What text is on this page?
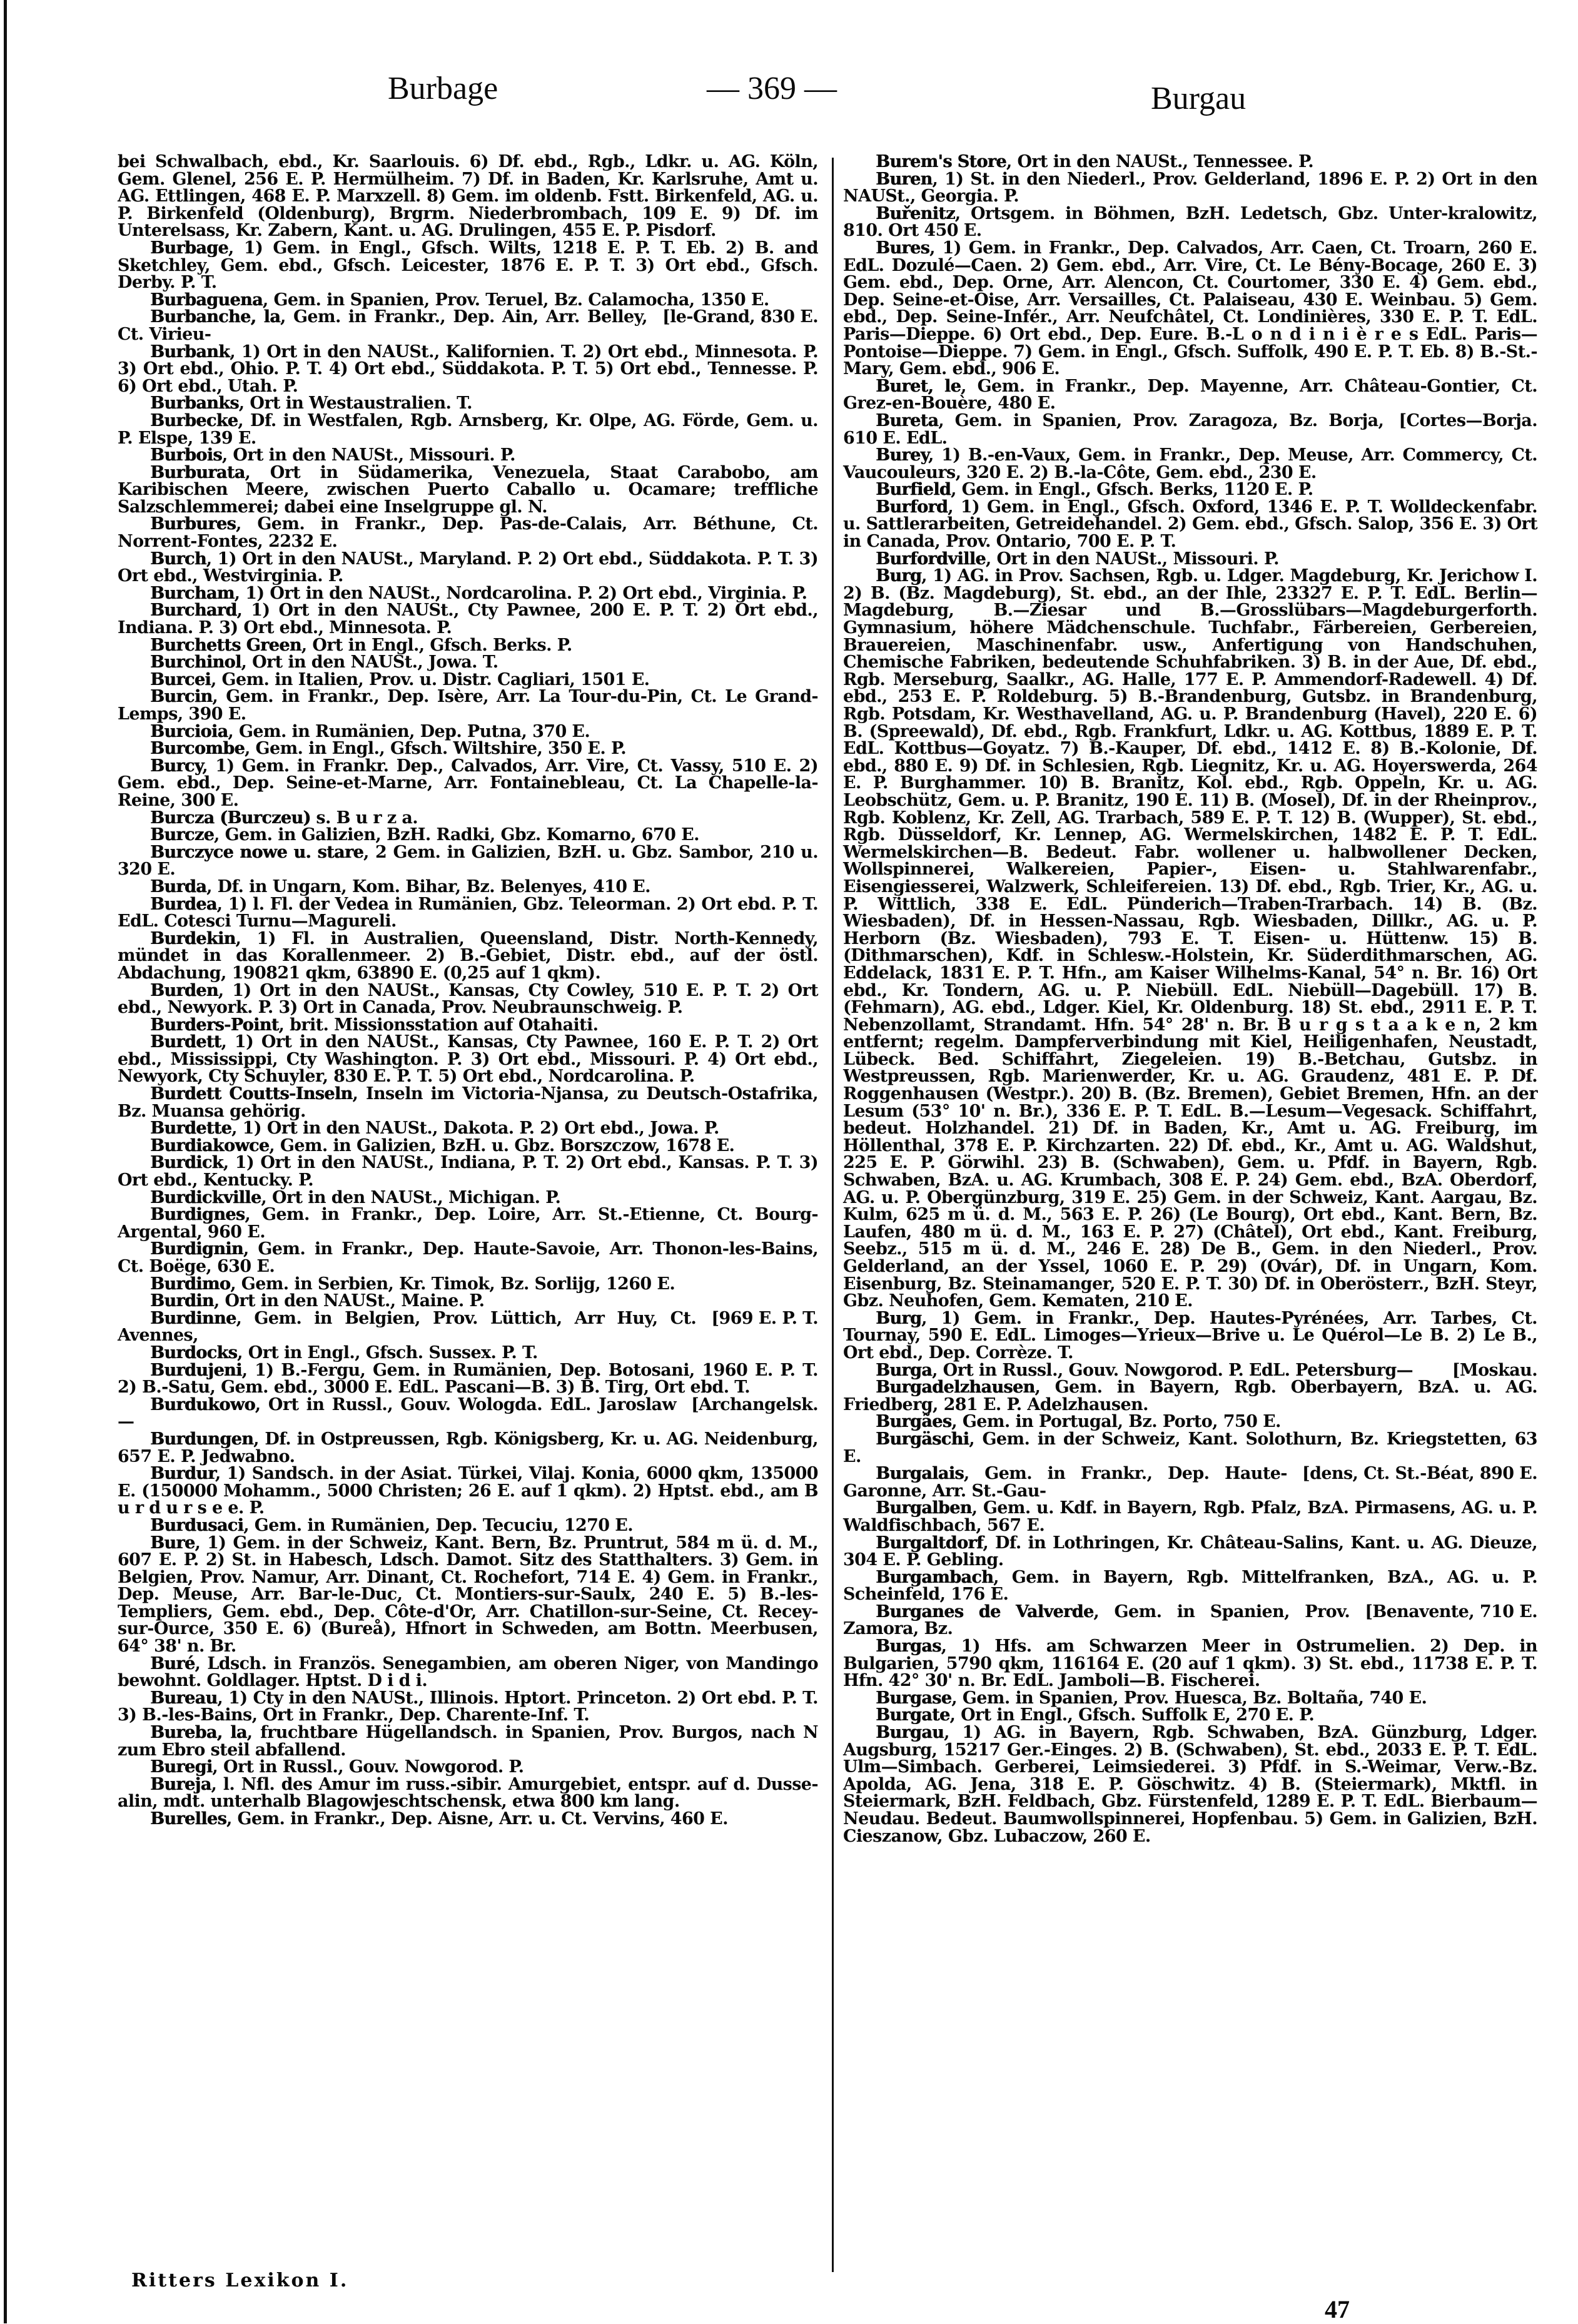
Burbage	— 369 —	Burgau

bei Schwalbach, ebd., Kr. Saarlouis. 6) Df. ebd., Rgb., Ldkr. u. AG. Köln, Gem. Glenel, 256 E. P. Hermülheim. 7) Df. in Baden, Kr. Karlsruhe, Amt u. AG. Ettlingen, 468 E. P. Marxzell. 8) Gem. im oldenb. Fstt. Birkenfeld, AG. u. P. Birkenfeld (Oldenburg), Brgrm. Niederbrombach, 109 E. 9) Df. im Unterelsass, Kr. Zabern, Kant. u. AG. Drulingen, 455 E. P. Pisdorf.

Burbage, 1) Gem. in Engl., Gfsch. Wilts, 1218 E. P. T. Eb. 2) B. and Sketchley, Gem. ebd., Gfsch. Leicester, 1876 E. P. T. 3) Ort ebd., Gfsch. Derby. P. T.

Burbaguena, Gem. in Spanien, Prov. Teruel, Bz. Calamocha, 1350 E.

[le-Grand, 830 E.
Burbanche, la, Gem. in Frankr., Dep. Ain, Arr. Belley, Ct. Virieu-

Burbank, 1) Ort in den NAUSt., Kalifornien. T. 2) Ort ebd., Minnesota. P. 3) Ort ebd., Ohio. P. T. 4) Ort ebd., Süddakota. P. T. 5) Ort ebd., Tennesse. P. 6) Ort ebd., Utah. P.

Burbanks, Ort in Westaustralien. T.

Burbecke, Df. in Westfalen, Rgb. Arnsberg, Kr. Olpe, AG. Förde, Gem. u. P. Elspe, 139 E.

Burbois, Ort in den NAUSt., Missouri. P.

Burburata, Ort in Südamerika, Venezuela, Staat Carabobo, am Karibischen Meere, zwischen Puerto Caballo u. Ocamare; treffliche Salzschlemmerei; dabei eine Inselgruppe gl. N.

Burbures, Gem. in Frankr., Dep. Pas-de-Calais, Arr. Béthune, Ct. Norrent-Fontes, 2232 E.

Burch, 1) Ort in den NAUSt., Maryland. P. 2) Ort ebd., Süddakota. P. T. 3) Ort ebd., Westvirginia. P.

Burcham, 1) Ort in den NAUSt., Nordcarolina. P. 2) Ort ebd., Virginia. P.

Burchard, 1) Ort in den NAUSt., Cty Pawnee, 200 E. P. T. 2) Ort ebd., Indiana. P. 3) Ort ebd., Minnesota. P.

Burchetts Green, Ort in Engl., Gfsch. Berks. P.

Burchinol, Ort in den NAUSt., Jowa. T.

Burcei, Gem. in Italien, Prov. u. Distr. Cagliari, 1501 E.

Burcin, Gem. in Frankr., Dep. Isère, Arr. La Tour-du-Pin, Ct. Le Grand-Lemps, 390 E.

Burcioia, Gem. in Rumänien, Dep. Putna, 370 E.

Burcombe, Gem. in Engl., Gfsch. Wiltshire, 350 E. P.

Burcy, 1) Gem. in Frankr. Dep., Calvados, Arr. Vire, Ct. Vassy, 510 E. 2) Gem. ebd., Dep. Seine-et-Marne, Arr. Fontainebleau, Ct. La Chapelle-la-Reine, 300 E.

Burcza (Burczeu) s. B u r z a.

Burcze, Gem. in Galizien, BzH. Radki, Gbz. Komarno, 670 E.

Burczyce nowe u. stare, 2 Gem. in Galizien, BzH. u. Gbz. Sambor, 210 u. 320 E.

Burda, Df. in Ungarn, Kom. Bihar, Bz. Belenyes, 410 E.

Burdea, 1) l. Fl. der Vedea in Rumänien, Gbz. Teleorman. 2) Ort ebd. P. T. EdL. Cotesci Turnu—Magureli.

Burdekin, 1) Fl. in Australien, Queensland, Distr. North-Kennedy, mündet in das Korallenmeer. 2) B.-Gebiet, Distr. ebd., auf der östl. Abdachung, 190821 qkm, 63890 E. (0,25 auf 1 qkm).

Burden, 1) Ort in den NAUSt., Kansas, Cty Cowley, 510 E. P. T. 2) Ort ebd., Newyork. P. 3) Ort in Canada, Prov. Neubraunschweig. P.

Burders-Point, brit. Missionsstation auf Otahaiti.

Burdett, 1) Ort in den NAUSt., Kansas, Cty Pawnee, 160 E. P. T. 2) Ort ebd., Mississippi, Cty Washington. P. 3) Ort ebd., Missouri. P. 4) Ort ebd., Newyork, Cty Schuyler, 830 E. P. T. 5) Ort ebd., Nordcarolina. P.

Burdett Coutts-Inseln, Inseln im Victoria-Njansa, zu Deutsch-Ostafrika, Bz. Muansa gehörig.

Burdette, 1) Ort in den NAUSt., Dakota. P. 2) Ort ebd., Jowa. P.

Burdiakowce, Gem. in Galizien, BzH. u. Gbz. Borszczow, 1678 E.

Burdick, 1) Ort in den NAUSt., Indiana, P. T. 2) Ort ebd., Kansas. P. T. 3) Ort ebd., Kentucky. P.

Burdickville, Ort in den NAUSt., Michigan. P.

Burdignes, Gem. in Frankr., Dep. Loire, Arr. St.-Etienne, Ct. Bourg-Argental, 960 E.

Burdignin, Gem. in Frankr., Dep. Haute-Savoie, Arr. Thonon-les-Bains, Ct. Boëge, 630 E.

Burdimo, Gem. in Serbien, Kr. Timok, Bz. Sorlijg, 1260 E.

Burdin, Ort in den NAUSt., Maine. P.

[969 E. P. T.
Burdinne, Gem. in Belgien, Prov. Lüttich, Arr Huy, Ct. Avennes,

Burdocks, Ort in Engl., Gfsch. Sussex. P. T.

Burdujeni, 1) B.-Fergu, Gem. in Rumänien, Dep. Botosani, 1960 E. P. T. 2) B.-Satu, Gem. ebd., 3000 E. EdL. Pascani—B. 3) B. Tirg, Ort ebd. T.

[Archangelsk.
Burdukowo, Ort in Russl., Gouv. Wologda. EdL. Jaroslaw—

Burdungen, Df. in Ostpreussen, Rgb. Königsberg, Kr. u. AG. Neidenburg, 657 E. P. Jedwabno.

Burdur, 1) Sandsch. in der Asiat. Türkei, Vilaj. Konia, 6000 qkm, 135000 E. (150000 Mohamm., 5000 Christen; 26 E. auf 1 qkm). 2) Hptst. ebd., am B u r d u r s e e. P.

Burdusaci, Gem. in Rumänien, Dep. Tecuciu, 1270 E.

Bure, 1) Gem. in der Schweiz, Kant. Bern, Bz. Pruntrut, 584 m ü. d. M., 607 E. P. 2) St. in Habesch, Ldsch. Damot. Sitz des Statthalters. 3) Gem. in Belgien, Prov. Namur, Arr. Dinant, Ct. Rochefort, 714 E. 4) Gem. in Frankr., Dep. Meuse, Arr. Bar-le-Duc, Ct. Montiers-sur-Saulx, 240 E. 5) B.-les-Templiers, Gem. ebd., Dep. Côte-d'Or, Arr. Chatillon-sur-Seine, Ct. Recey-sur-Ource, 350 E. 6) (Bureå), Hfnort in Schweden, am Bottn. Meerbusen, 64° 38' n. Br.

Buré, Ldsch. in Französ. Senegambien, am oberen Niger, von Mandingo bewohnt. Goldlager. Hptst. D i d i.

Bureau, 1) Cty in den NAUSt., Illinois. Hptort. Princeton. 2) Ort ebd. P. T. 3) B.-les-Bains, Ort in Frankr., Dep. Charente-Inf. T.

Bureba, la, fruchtbare Hügellandsch. in Spanien, Prov. Burgos, nach N zum Ebro steil abfallend.

Buregi, Ort in Russl., Gouv. Nowgorod. P.

Bureja, l. Nfl. des Amur im russ.-sibir. Amurgebiet, entspr. auf d. Dusse-alin, mdt. unterhalb Blagowjeschtschensk, etwa 800 km lang.

Burelles, Gem. in Frankr., Dep. Aisne, Arr. u. Ct. Vervins, 460 E.

Burem's Store, Ort in den NAUSt., Tennessee. P.

Buren, 1) St. in den Niederl., Prov. Gelderland, 1896 E. P. 2) Ort in den NAUSt., Georgia. P.

Buřenitz, Ortsgem. in Böhmen, BzH. Ledetsch, Gbz. Unter-kralowitz, 810. Ort 450 E.

Bures, 1) Gem. in Frankr., Dep. Calvados, Arr. Caen, Ct. Troarn, 260 E. EdL. Dozulé—Caen. 2) Gem. ebd., Arr. Vire, Ct. Le Bény-Bocage, 260 E. 3) Gem. ebd., Dep. Orne, Arr. Alencon, Ct. Courtomer, 330 E. 4) Gem. ebd., Dep. Seine-et-Oise, Arr. Versailles, Ct. Palaiseau, 430 E. Weinbau. 5) Gem. ebd., Dep. Seine-Infér., Arr. Neufchâtel, Ct. Londinières, 330 E. P. T. EdL. Paris—Dieppe. 6) Ort ebd., Dep. Eure. B.-L o n d i n i è r e s EdL. Paris—Pontoise—Dieppe. 7) Gem. in Engl., Gfsch. Suffolk, 490 E. P. T. Eb. 8) B.-St.-Mary, Gem. ebd., 906 E.

Buret, le, Gem. in Frankr., Dep. Mayenne, Arr. Château-Gontier, Ct. Grez-en-Bouère, 480 E.

[Cortes—Borja.
Bureta, Gem. in Spanien, Prov. Zaragoza, Bz. Borja, 610 E. EdL.

Burey, 1) B.-en-Vaux, Gem. in Frankr., Dep. Meuse, Arr. Commercy, Ct. Vaucouleurs, 320 E. 2) B.-la-Côte, Gem. ebd., 230 E.

Burfield, Gem. in Engl., Gfsch. Berks, 1120 E. P.

Burford, 1) Gem. in Engl., Gfsch. Oxford, 1346 E. P. T. Wolldeckenfabr. u. Sattlerarbeiten, Getreidehandel. 2) Gem. ebd., Gfsch. Salop, 356 E. 3) Ort in Canada, Prov. Ontario, 700 E. P. T.

Burfordville, Ort in den NAUSt., Missouri. P.

Burg, 1) AG. in Prov. Sachsen, Rgb. u. Ldger. Magdeburg, Kr. Jerichow I. 2) B. (Bz. Magdeburg), St. ebd., an der Ihle, 23327 E. P. T. EdL. Berlin—Magdeburg, B.—Ziesar und B.—Grosslübars—Magdeburgerforth. Gymnasium, höhere Mädchenschule. Tuchfabr., Färbereien, Gerbereien, Brauereien, Maschinenfabr. usw., Anfertigung von Handschuhen, Chemische Fabriken, bedeutende Schuhfabriken. 3) B. in der Aue, Df. ebd., Rgb. Merseburg, Saalkr., AG. Halle, 177 E. P. Ammendorf-Radewell. 4) Df. ebd., 253 E. P. Roldeburg. 5) B.-Brandenburg, Gutsbz. in Brandenburg, Rgb. Potsdam, Kr. Westhavelland, AG. u. P. Brandenburg (Havel), 220 E. 6) B. (Spreewald), Df. ebd., Rgb. Frankfurt, Ldkr. u. AG. Kottbus, 1889 E. P. T. EdL. Kottbus—Goyatz. 7) B.-Kauper, Df. ebd., 1412 E. 8) B.-Kolonie, Df. ebd., 880 E. 9) Df. in Schlesien, Rgb. Liegnitz, Kr. u. AG. Hoyerswerda, 264 E. P. Burghammer. 10) B. Branitz, Kol. ebd., Rgb. Oppeln, Kr. u. AG. Leobschütz, Gem. u. P. Branitz, 190 E. 11) B. (Mosel), Df. in der Rheinprov., Rgb. Koblenz, Kr. Zell, AG. Trarbach, 589 E. P. T. 12) B. (Wupper), St. ebd., Rgb. Düsseldorf, Kr. Lennep, AG. Wermelskirchen, 1482 E. P. T. EdL. Wermelskirchen—B. Bedeut. Fabr. wollener u. halbwollener Decken, Wollspinnerei, Walkereien, Papier-, Eisen- u. Stahlwarenfabr., Eisengiesserei, Walzwerk, Schleifereien. 13) Df. ebd., Rgb. Trier, Kr., AG. u. P. Wittlich, 338 E. EdL. Pünderich—Traben-Trarbach. 14) B. (Bz. Wiesbaden), Df. in Hessen-Nassau, Rgb. Wiesbaden, Dillkr., AG. u. P. Herborn (Bz. Wiesbaden), 793 E. T. Eisen- u. Hüttenw. 15) B. (Dithmarschen), Kdf. in Schlesw.-Holstein, Kr. Süderdithmarschen, AG. Eddelack, 1831 E. P. T. Hfn., am Kaiser Wilhelms-Kanal, 54° n. Br. 16) Ort ebd., Kr. Tondern, AG. u. P. Niebüll. EdL. Niebüll—Dagebüll. 17) B. (Fehmarn), AG. ebd., Ldger. Kiel, Kr. Oldenburg. 18) St. ebd., 2911 E. P. T. Nebenzollamt, Strandamt. Hfn. 54° 28' n. Br. B u r g s t a a k e n, 2 km entfernt; regelm. Dampferverbindung mit Kiel, Heiligenhafen, Neustadt, Lübeck. Bed. Schiffahrt, Ziegeleien. 19) B.-Betchau, Gutsbz. in Westpreussen, Rgb. Marienwerder, Kr. u. AG. Graudenz, 481 E. P. Df. Roggenhausen (Westpr.). 20) B. (Bz. Bremen), Gebiet Bremen, Hfn. an der Lesum (53° 10' n. Br.), 336 E. P. T. EdL. B.—Lesum—Vegesack. Schiffahrt, bedeut. Holzhandel. 21) Df. in Baden, Kr., Amt u. AG. Freiburg, im Höllenthal, 378 E. P. Kirchzarten. 22) Df. ebd., Kr., Amt u. AG. Waldshut, 225 E. P. Görwihl. 23) B. (Schwaben), Gem. u. Pfdf. in Bayern, Rgb. Schwaben, BzA. u. AG. Krumbach, 308 E. P. 24) Gem. ebd., BzA. Oberdorf, AG. u. P. Obergünzburg, 319 E. 25) Gem. in der Schweiz, Kant. Aargau, Bz. Kulm, 625 m ü. d. M., 563 E. P. 26) (Le Bourg), Ort ebd., Kant. Bern, Bz. Laufen, 480 m ü. d. M., 163 E. P. 27) (Châtel), Ort ebd., Kant. Freiburg, Seebz., 515 m ü. d. M., 246 E. 28) De B., Gem. in den Niederl., Prov. Gelderland, an der Yssel, 1060 E. P. 29) (Ovár), Df. in Ungarn, Kom. Eisenburg, Bz. Steinamanger, 520 E. P. T. 30) Df. in Oberösterr., BzH. Steyr, Gbz. Neuhofen, Gem. Kematen, 210 E.

Burg, 1) Gem. in Frankr., Dep. Hautes-Pyrénées, Arr. Tarbes, Ct. Tournay, 590 E. EdL. Limoges—Yrieux—Brive u. Le Quérol—Le B. 2) Le B., Ort ebd., Dep. Corrèze. T.

[Moskau.
Burga, Ort in Russl., Gouv. Nowgorod. P. EdL. Petersburg—

Burgadelzhausen, Gem. in Bayern, Rgb. Oberbayern, BzA. u. AG. Friedberg, 281 E. P. Adelzhausen.

Burgães, Gem. in Portugal, Bz. Porto, 750 E.

Burgäschi, Gem. in der Schweiz, Kant. Solothurn, Bz. Kriegstetten, 63 E.

[dens, Ct. St.-Béat, 890 E.
Burgalais, Gem. in Frankr., Dep. Haute-Garonne, Arr. St.-Gau-

Burgalben, Gem. u. Kdf. in Bayern, Rgb. Pfalz, BzA. Pirmasens, AG. u. P. Waldfischbach, 567 E.

Burgaltdorf, Df. in Lothringen, Kr. Château-Salins, Kant. u. AG. Dieuze, 304 E. P. Gebling.

Burgambach, Gem. in Bayern, Rgb. Mittelfranken, BzA., AG. u. P. Scheinfeld, 176 E.

[Benavente, 710 E.
Burganes de Valverde, Gem. in Spanien, Prov. Zamora, Bz.

Burgas, 1) Hfs. am Schwarzen Meer in Ostrumelien. 2) Dep. in Bulgarien, 5790 qkm, 116164 E. (20 auf 1 qkm). 3) St. ebd., 11738 E. P. T. Hfn. 42° 30' n. Br. EdL. Jamboli—B. Fischerei.

Burgase, Gem. in Spanien, Prov. Huesca, Bz. Boltaña, 740 E.

Burgate, Ort in Engl., Gfsch. Suffolk E, 270 E. P.

Burgau, 1) AG. in Bayern, Rgb. Schwaben, BzA. Günzburg, Ldger. Augsburg, 15217 Ger.-Einges. 2) B. (Schwaben), St. ebd., 2033 E. P. T. EdL. Ulm—Simbach. Gerberei, Leimsiederei. 3) Pfdf. in S.-Weimar, Verw.-Bz. Apolda, AG. Jena, 318 E. P. Göschwitz. 4) B. (Steiermark), Mktfl. in Steiermark, BzH. Feldbach, Gbz. Fürstenfeld, 1289 E. P. T. EdL. Bierbaum—Neudau. Bedeut. Baumwollspinnerei, Hopfenbau. 5) Gem. in Galizien, BzH. Cieszanow, Gbz. Lubaczow, 260 E.

Ritters Lexikon I.
47
